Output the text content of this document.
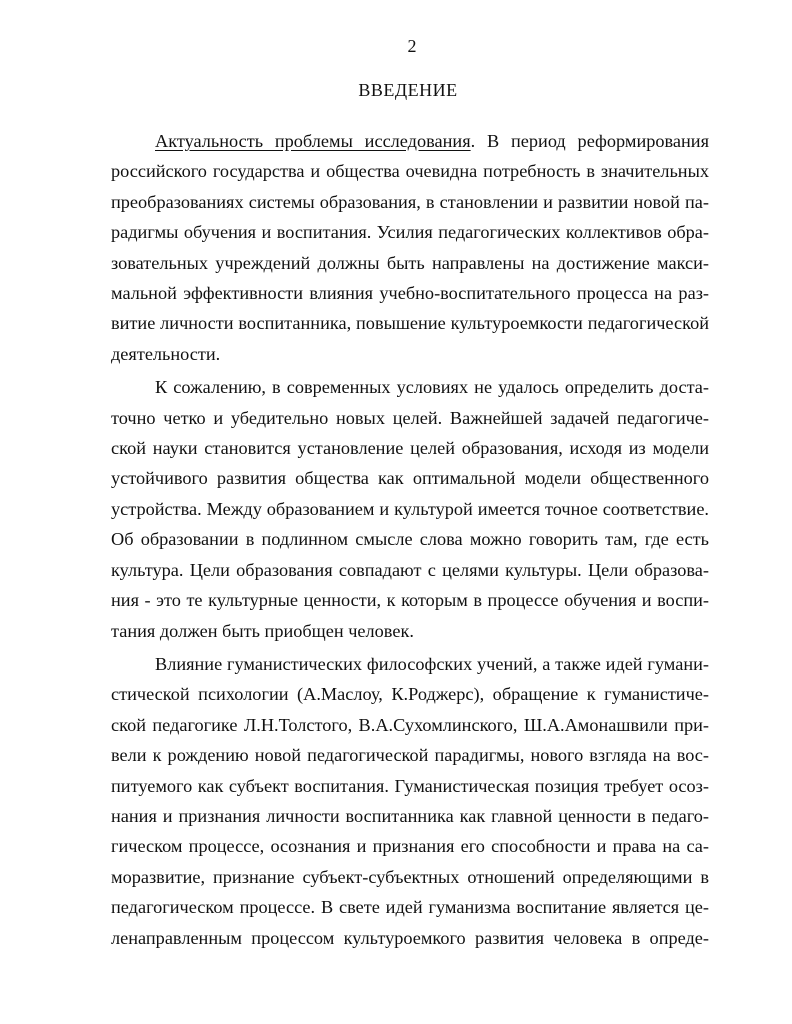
2
ВВЕДЕНИЕ

Актуальность проблемы исследования. В период реформирования
российского государства и общества очевидна потребность в значительных
преобразованиях системы образования, в становлении и развитии новой па-
радигмы обучения и воспитания. Усилия педагогических коллективов обра-
зовательных учреждений должны быть направлены на достижение макси-
мальной эффективности влияния учебно-воспитательного процесса на раз-
витие личности воспитанника, повышение культуроемкости педагогической
деятельности.

К сожалению, в современных условиях не удалось определить доста-
точно четко и убедительно новых целей. Важнейшей задачей педагогиче-
ской науки становится установление целей образования, исходя из модели
устойчивого развития общества как оптимальной модели общественного
устройства. Между образованием и культурой имеется точное соответствие.
Об образовании в подлинном смысле слова можно говорить там, где есть
культура. Цели образования совпадают с целями культуры. Цели образова-
ния - это те культурные ценности, к которым в процессе обучения и воспи-
тания должен быть приобщен человек.

Влияние гуманистических философских учений, а также идей гумани-
стической психологии (А.Маслоу, К.Роджерс), обращение к гуманистиче-
ской педагогике Л.Н.Толстого, В.А.Сухомлинского, Ш.А.Амонашвили при-
вели к рождению новой педагогической парадигмы, нового взгляда на вос-
питуемого как субъект воспитания. Гуманистическая позиция требует осоз-
нания и признания личности воспитанника как главной ценности в педаго-
гическом процессе, осознания и признания его способности и права на са-
моразвитие, признание субъект-субъектных отношений определяющими в
педагогическом процессе. В свете идей гуманизма воспитание является це-
ленаправленным процессом культуроемкого развития человека в опреде-
